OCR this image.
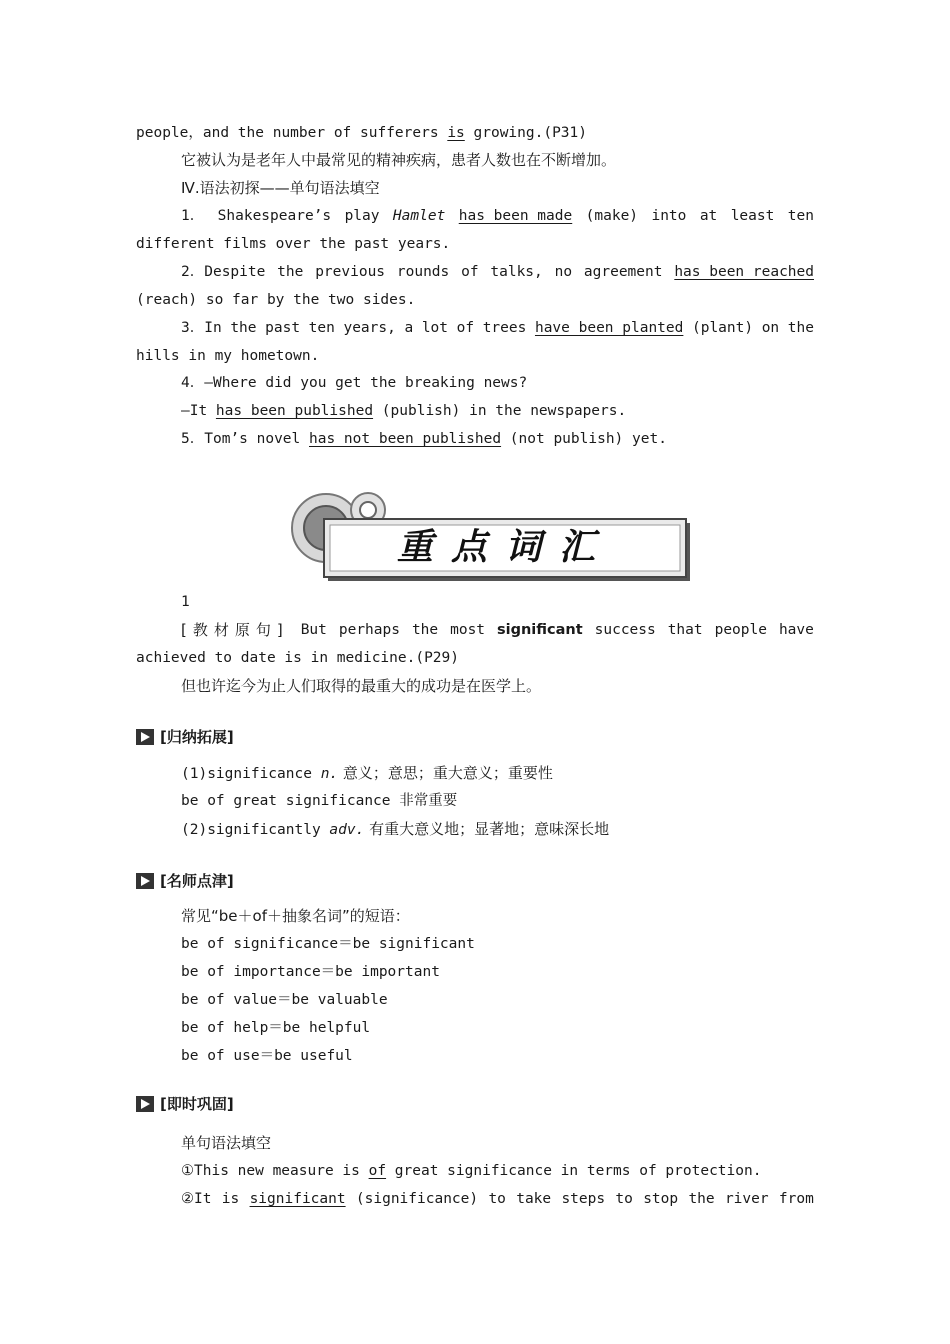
people，and the number of sufferers is growing.(P31)
它被认为是老年人中最常见的精神疾病，患者人数也在不断增加。
Ⅳ.语法初探——单句语法填空
1． Shakespeare’s play Hamlet has been made (make) into at least ten
different films over the past years.
2．Despite the previous rounds of talks, no agreement has been reached
(reach) so far by the two sides.
3．In the past ten years, a lot of trees have been planted (plant) on the
hills in my hometown.
4．—Where did you get the breaking news?
—It has been published (publish) in the newspapers.
5．Tom’s novel has not been published (not publish) yet.
重点词汇
1
[教材原句] But perhaps the most significant success that people have
achieved to date is in medicine.(P29)
但也许迄今为止人们取得的最重大的成功是在医学上。
[归纳拓展]
(1)significance n. 意义；意思；重大意义；重要性
be of great significance 非常重要
(2)significantly adv. 有重大意义地；显著地；意味深长地
[名师点津]
常见“be＋of＋抽象名词”的短语：
be of significance＝be significant
be of importance＝be important
be of value＝be valuable
be of help＝be helpful
be of use＝be useful
[即时巩固]
单句语法填空
①This new measure is of great significance in terms of protection.
②It is significant (significance) to take steps to stop the river from
